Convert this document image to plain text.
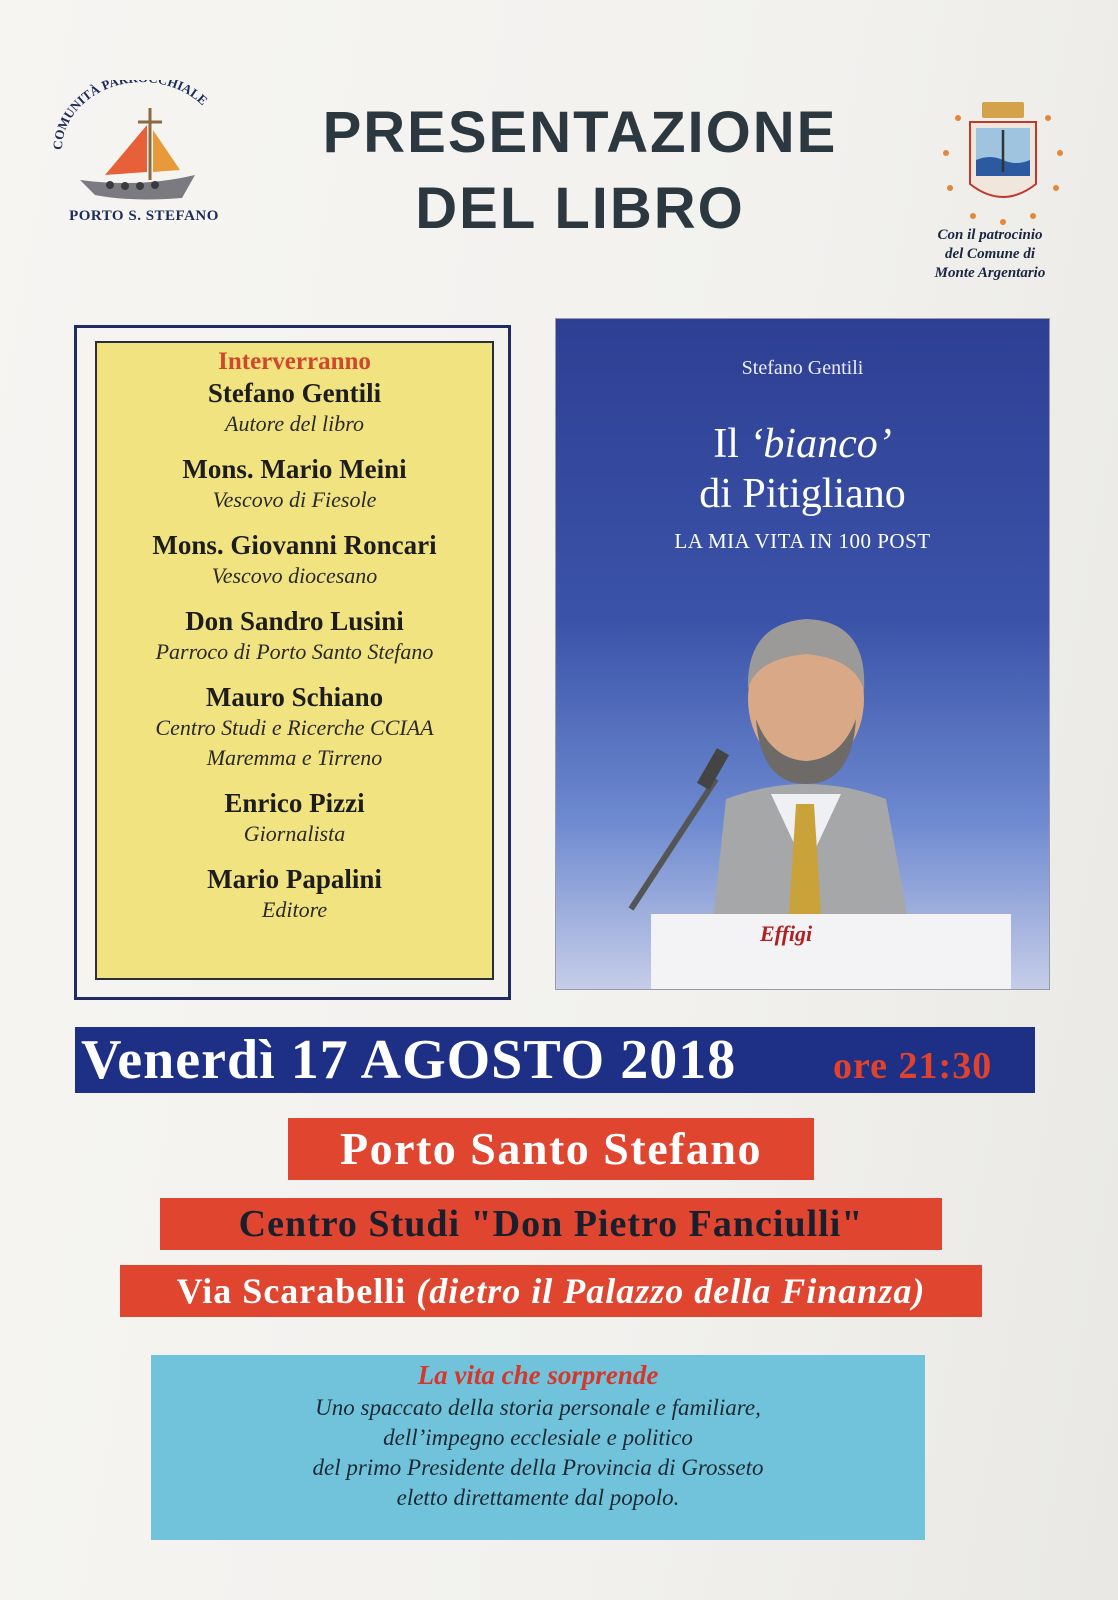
COMUNITÀ PA HIALE
PORTO S. STEFANO
PRESENTAZIONE
DEL LIBRO	Con il patrocinio
del Comune di
Monte Argentario
Interverranno
Stefano Gentili
Autore del libro
Mons. Mario Meini
Vescovo di Fiesole
Mons. Giovanni Roncari
Vescovo diocesano
Don Sandro Lusini
Parroco di Porto Santo Stefano
Mauro Schiano
Centro Studi e Ricerche CCIAA
Maremma e Tirreno
Enrico Pizzi
Giornalista
Mario Papalini
Editore
Stefano Gentili
Il ‘bianco’
di Pitigliano
LA MIA VITA IN 100 POST
Effigi
Venerdì 17 AGOSTO 2018	ore 21:30
Porto Santo Stefano
Centro Studi "Don Pietro Fanciulli"
Via Scarabelli (dietro il Palazzo della Finanza)
La vita che sorprende
Uno spaccato della storia personale e familiare,
dell’impegno ecclesiale e politico
del primo Presidente della Provincia di Grosseto
eletto direttamente dal popolo.
